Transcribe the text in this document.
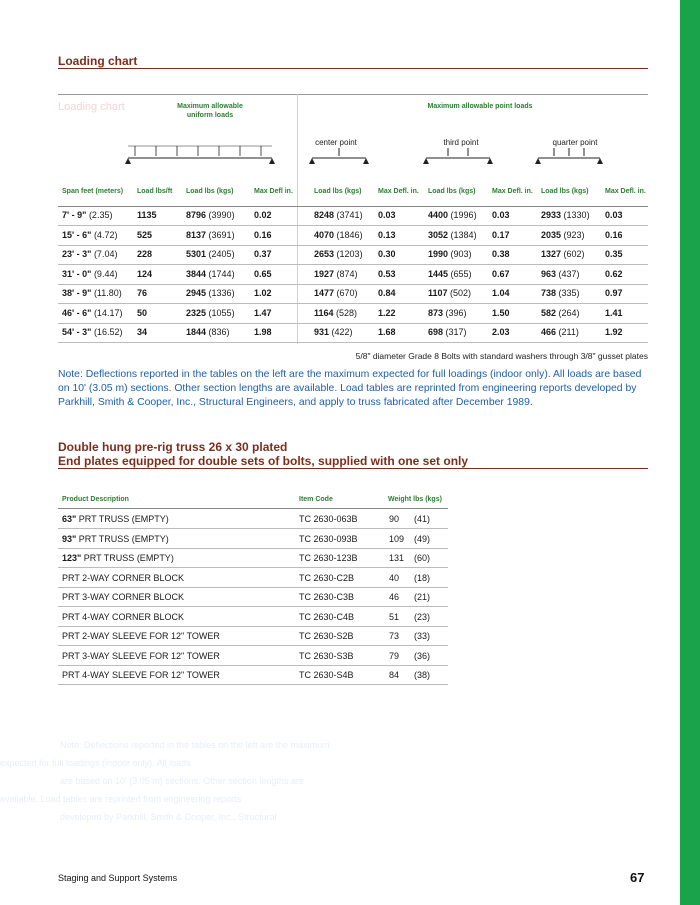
Loading chart
Loading chart	Maximum allowable uniform loads
Maximum allowable point loads
center point	third point	quarter point
Span feet (meters)	Load lbs/ft	Load lbs (kgs)	Max Defl in.	Load lbs (kgs)	Max Defl. in.	Load lbs (kgs)	Max Defl. in.	Load lbs (kgs)	Max Defl. in.
7' - 9" (2.35)	1135	8796 (3990) 0.02	8248 (3741) 0.03	4400 (1996) 0.03	2933 (1330) 0.03
15' - 6" (4.72) 525	8137 (3691) 0.16	4070 (1846) 0.13	3052 (1384) 0.17	2035 (923) 0.16
23' - 3" (7.04) 228	5301 (2405) 0.37	2653 (1203) 0.30	1990 (903) 0.38	1327 (602) 0.35
31' - 0" (9.44) 124	3844 (1744) 0.65	1927 (874) 0.53	1445 (655) 0.67	963 (437)	0.62
38' - 9" (11.80) 76	2945 (1336) 1.02	1477 (670) 0.84	1107 (502) 1.04	738 (335)	0.97
46' - 6" (14.17) 50	2325 (1055) 1.47	1164 (528) 1.22	873 (396)	1.50	582 (264)	1.41
54' - 3" (16.52) 34	1844 (836)	1.98	931 (422)	1.68	698 (317)	2.03	466 (211)	1.92
5/8" diameter Grade 8 Bolts with standard washers through 3/8" gusset plates
Note: Deflections reported in the tables on the left are the maximum expected for full loadings (indoor only). All loads are based on 10' (3.05 m) sections. Other section lengths are available. Load tables are reprinted from engineering reports developed by Parkhill, Smith & Cooper, Inc., Structural Engineers, and apply to truss fabricated after December 1989.
Double hung pre-rig truss 26 x 30 plated
End plates equipped for double sets of bolts, supplied with one set only
Product Description	Item Code	Weight lbs (kgs)
63" PRT TRUSS (EMPTY)	TC 2630-063B	90 (41)
93" PRT TRUSS (EMPTY)	TC 2630-093B	109 (49)
123" PRT TRUSS (EMPTY)	TC 2630-123B	131 (60)
PRT 2-WAY CORNER BLOCK	TC 2630-C2B	40 (18)
PRT 3-WAY CORNER BLOCK	TC 2630-C3B	46 (21)
PRT 4-WAY CORNER BLOCK	TC 2630-C4B	51 (23)
PRT 2-WAY SLEEVE FOR 12" TOWER	TC 2630-S2B	73 (33)
PRT 3-WAY SLEEVE FOR 12" TOWER	TC 2630-S3B	79 (36)
PRT 4-WAY SLEEVE FOR 12" TOWER	TC 2630-S4B	84 (38)
Note: Deflections reported in the tables on the left are the maximum
expected for full loadings (indoor only). All loads
are based on 10' (3.05 m) sections. Other section lengths are
available. Load tables are reprinted from engineering reports
developed by Parkhill, Smith & Cooper, Inc., Structural
Staging and Support Systems	67
